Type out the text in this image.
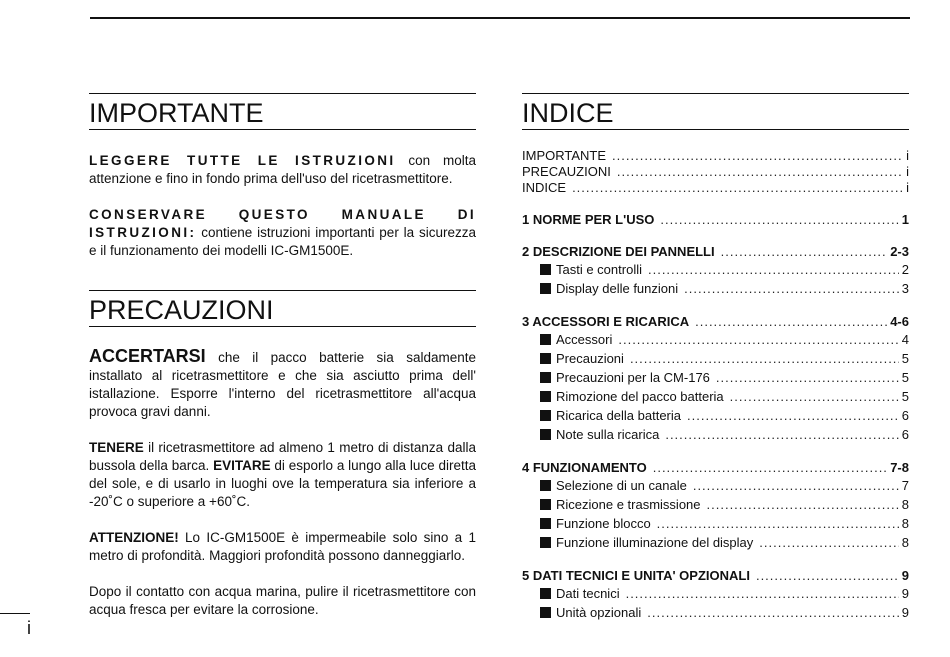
IMPORTANTE

LEGGERE TUTTE LE ISTRUZIONI con molta attenzione e fino in fondo prima dell'uso del ricetrasmettitore.

CONSERVARE QUESTO MANUALE DI ISTRUZIONI: contiene istruzioni importanti per la sicurezza e il funzionamento dei modelli IC-GM1500E.

PRECAUZIONI

ACCERTARSI che il pacco batterie sia saldamente installato al ricetrasmettitore e che sia asciutto prima dell' istallazione. Esporre l'interno del ricetrasmettitore all'acqua provoca gravi danni.

TENERE il ricetrasmettitore ad almeno 1 metro di distanza dalla bussola della barca. EVITARE di esporlo a lungo alla luce diretta del sole, e di usarlo in luoghi ove la temperatura sia inferiore a -20˚C o superiore a +60˚C.

ATTENZIONE! Lo IC-GM1500E è impermeabile solo sino a 1 metro di profondità. Maggiori profondità possono danneggiarlo.

Dopo il contatto con acqua marina, pulire il ricetrasmettitore con acqua fresca per evitare la corrosione.

INDICE
IMPORTANTE .....	i
PRECAUZIONI .....	i
INDICE .....	i
1 NORME PER L'USO .....	1
2 DESCRIZIONE DEI PANNELLI .....	2-3
Tasti e controlli .....	2
Display delle funzioni .....	3
3 ACCESSORI E RICARICA .....	4-6
Accessori .....	4
Precauzioni .....	5
Precauzioni per la CM-176 .....	5
Rimozione del pacco batteria .....	5
Ricarica della batteria .....	6
Note sulla ricarica .....	6
4 FUNZIONAMENTO .....	7-8
Selezione di un canale .....	7
Ricezione e trasmissione .....	8
Funzione blocco .....	8
Funzione illuminazione del display .....	8
5 DATI TECNICI E UNITA' OPZIONALI .....	9
Dati tecnici .....	9
Unità opzionali .....	9
i
